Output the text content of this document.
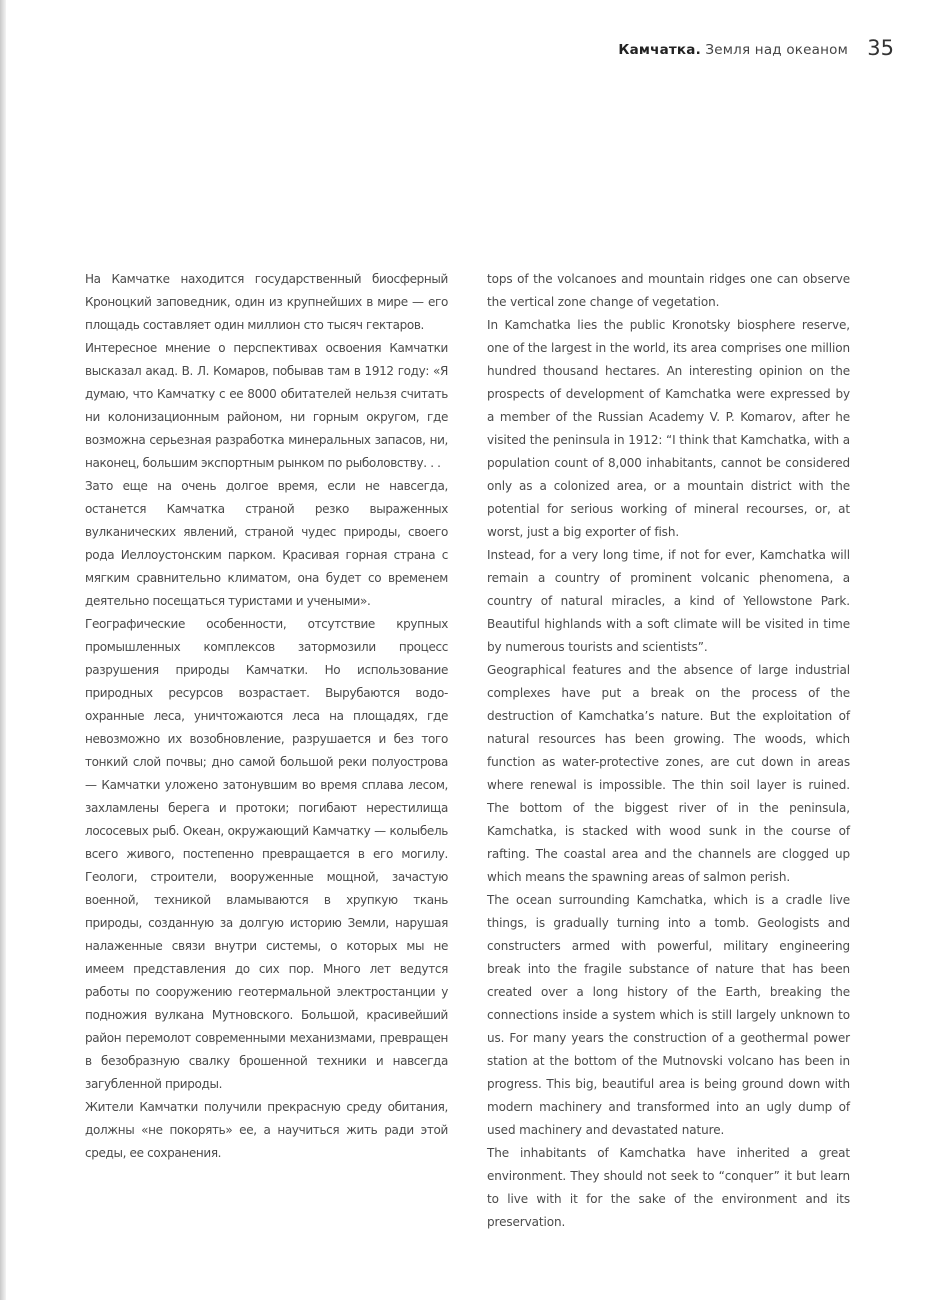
Камчатка. Земля над океаном 35

На Камчатке находится государственный биосферный Кроноцкий заповедник, один из крупнейших в мире — его площадь составляет один миллион сто тысяч гектаров.

Интересное мнение о перспективах освоения Камчатки высказал акад. В. Л. Комаров, побывав там в 1912 году: «Я думаю, что Камчатку с ее 8000 обитателей нельзя считать ни колонизационным районом, ни горным округом, где возможна серьезная разработка минеральных запасов, ни, наконец, большим экспортным рынком по рыболовству. . .

Зато еще на очень долгое время, если не навсегда, останется Камчатка страной резко выраженных вулканических явлений, страной чудес природы, своего рода Иеллоустонским парком. Красивая горная страна с мягким сравнительно климатом, она будет со временем деятельно посещаться туристами и учеными».

Географические особенности, отсутствие крупных промышленных комплексов затормозили процесс разрушения природы Камчатки. Но использование природных ресурсов возрастает. Вырубаются водо-охранные леса, уничтожаются леса на площадях, где невозможно их возобновление, разрушается и без того тонкий слой почвы; дно самой большой реки полуострова — Камчатки уложено затонувшим во время сплава лесом, захламлены берега и протоки; погибают нерестилища лососевых рыб. Океан, окружающий Камчатку — колыбель всего живого, постепенно превращается в его могилу. Геологи, строители, вооруженные мощной, зачастую военной, техникой вламываются в хрупкую ткань природы, созданную за долгую историю Земли, нарушая налаженные связи внутри системы, о которых мы не имеем представления до сих пор. Много лет ведутся работы по сооружению геотермальной электростанции у подножия вулкана Мутновского. Большой, красивейший район перемолот современными механизмами, превращен в безобразную свалку брошенной техники и навсегда загубленной природы.

Жители Камчатки получили прекрасную среду обитания, должны «не покорять» ее, а научиться жить ради этой среды, ее сохранения.

tops of the volcanoes and mountain ridges one can observe the vertical zone change of vegetation.

In Kamchatka lies the public Kronotsky biosphere reserve, one of the largest in the world, its area comprises one million hundred thousand hectares. An interesting opinion on the prospects of development of Kamchatka were expressed by a member of the Russian Academy V. P. Komarov, after he visited the peninsula in 1912: “I think that Kamchatka, with a population count of 8,000 inhabitants, cannot be considered only as a colonized area, or a mountain district with the potential for serious working of mineral recourses, or, at worst, just a big exporter of fish.

Instead, for a very long time, if not for ever, Kamchatka will remain a country of prominent volcanic phenomena, a country of natural miracles, a kind of Yellowstone Park. Beautiful highlands with a soft climate will be visited in time by numerous tourists and scientists”.

Geographical features and the absence of large industrial complexes have put a break on the process of the destruction of Kamchatka’s nature. But the exploitation of natural resources has been growing. The woods, which function as water-protective zones, are cut down in areas where renewal is impossible. The thin soil layer is ruined. The bottom of the biggest river of in the peninsula, Kamchatka, is stacked with wood sunk in the course of rafting. The coastal area and the channels are clogged up which means the spawning areas of salmon perish.

The ocean surrounding Kamchatka, which is a cradle live things, is gradually turning into a tomb. Geologists and constructers armed with powerful, military engineering break into the fragile substance of nature that has been created over a long history of the Earth, breaking the connections inside a system which is still largely unknown to us. For many years the construction of a geothermal power station at the bottom of the Mutnovski volcano has been in progress. This big, beautiful area is being ground down with modern machinery and transformed into an ugly dump of used machinery and devastated nature.

The inhabitants of Kamchatka have inherited a great environment. They should not seek to “conquer” it but learn to live with it for the sake of the environment and its preservation.
